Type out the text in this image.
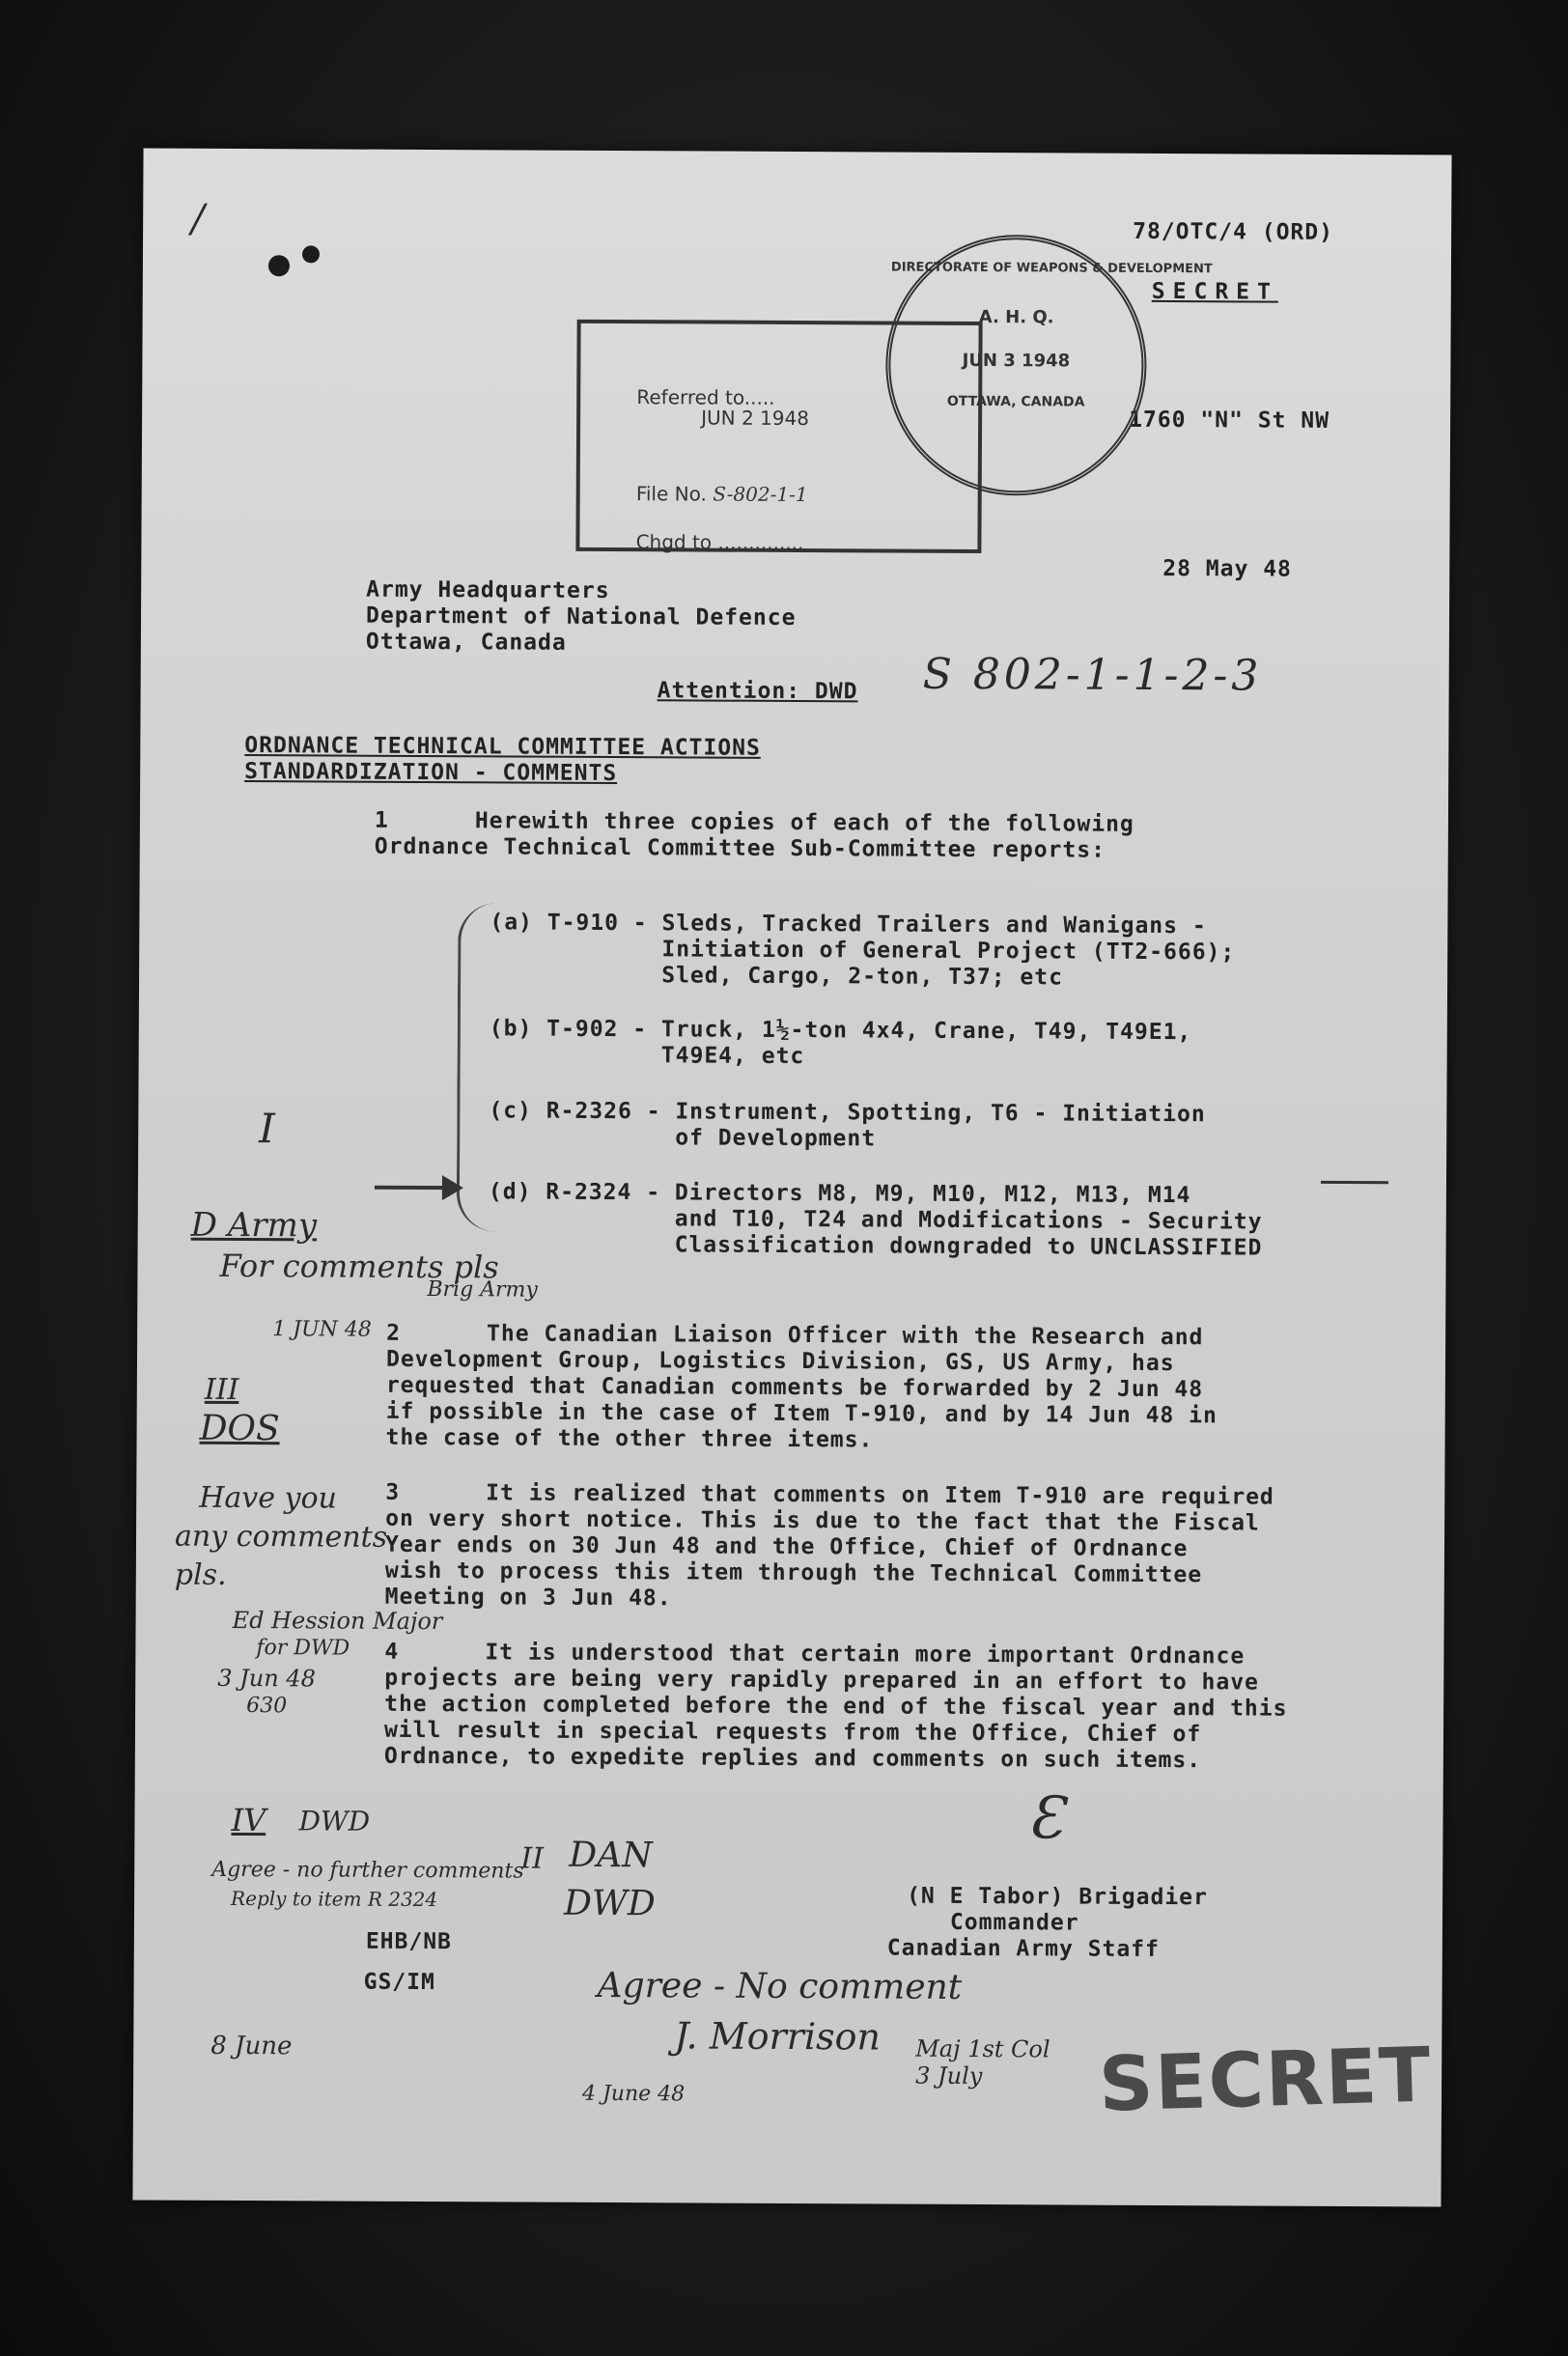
/	78/OTC/4 (ORD)
SECRET
1760 "N" St NW
28 May 48

Referred to.....

JUN 2 1948

File No. S-802-1-1

Chgd to ..............

DIRECTORATE OF WEAPONS & DEVELOPMENT
A. H. Q.
JUN 3 1948
OTTAWA, CANADA
Army Headquarters
Department of National Defence
Ottawa, Canada
Attention: DWD S 802-1-1-2-3
ORDNANCE TECHNICAL COMMITTEE ACTIONS
STANDARDIZATION - COMMENTS
1      Herewith three copies of each of the following
Ordnance Technical Committee Sub-Committee reports:
(a) T-910 - Sleds, Tracked Trailers and Wanigans -
Initiation of General Project (TT2-666);
Sled, Cargo, 2-ton, T37; etc
(b) T-902 - Truck, 1½-ton 4x4, Crane, T49, T49E1,
T49E4, etc
(c) R-2326 - Instrument, Spotting, T6 - Initiation
of Development
(d) R-2324 - Directors M8, M9, M10, M12, M13, M14
and T10, T24 and Modifications - Security
Classification downgraded to UNCLASSIFIED
I
D Army
For comments pls
Brig Army
1 JUN 48 2      The Canadian Liaison Officer with the Research and
Development Group, Logistics Division, GS, US Army, has
requested that Canadian comments be forwarded by 2 Jun 48
if possible in the case of Item T-910, and by 14 Jun 48 in
the case of the other three items.
III
DOS
Have you
any comments
pls.
3      It is realized that comments on Item T-910 are required
on very short notice. This is due to the fact that the Fiscal
Year ends on 30 Jun 48 and the Office, Chief of Ordnance
wish to process this item through the Technical Committee
Meeting on 3 Jun 48.
Ed Hession Major
for DWD
3 Jun 48
630
4      It is understood that certain more important Ordnance
projects are being very rapidly prepared in an effort to have
the action completed before the end of the fiscal year and this
will result in special requests from the Office, Chief of
Ordnance, to expedite replies and comments on such items.
Ɛ
(N E Tabor) Brigadier
Commander
Canadian Army Staff
EHB/NB
GS/IM
IV DWD
Agree - no further comments
Reply to item R 2324
II DAN
DWD
Agree - No comment
J. Morrison
8 June
4 June 48
Maj 1st Col 3 July	SECRET
